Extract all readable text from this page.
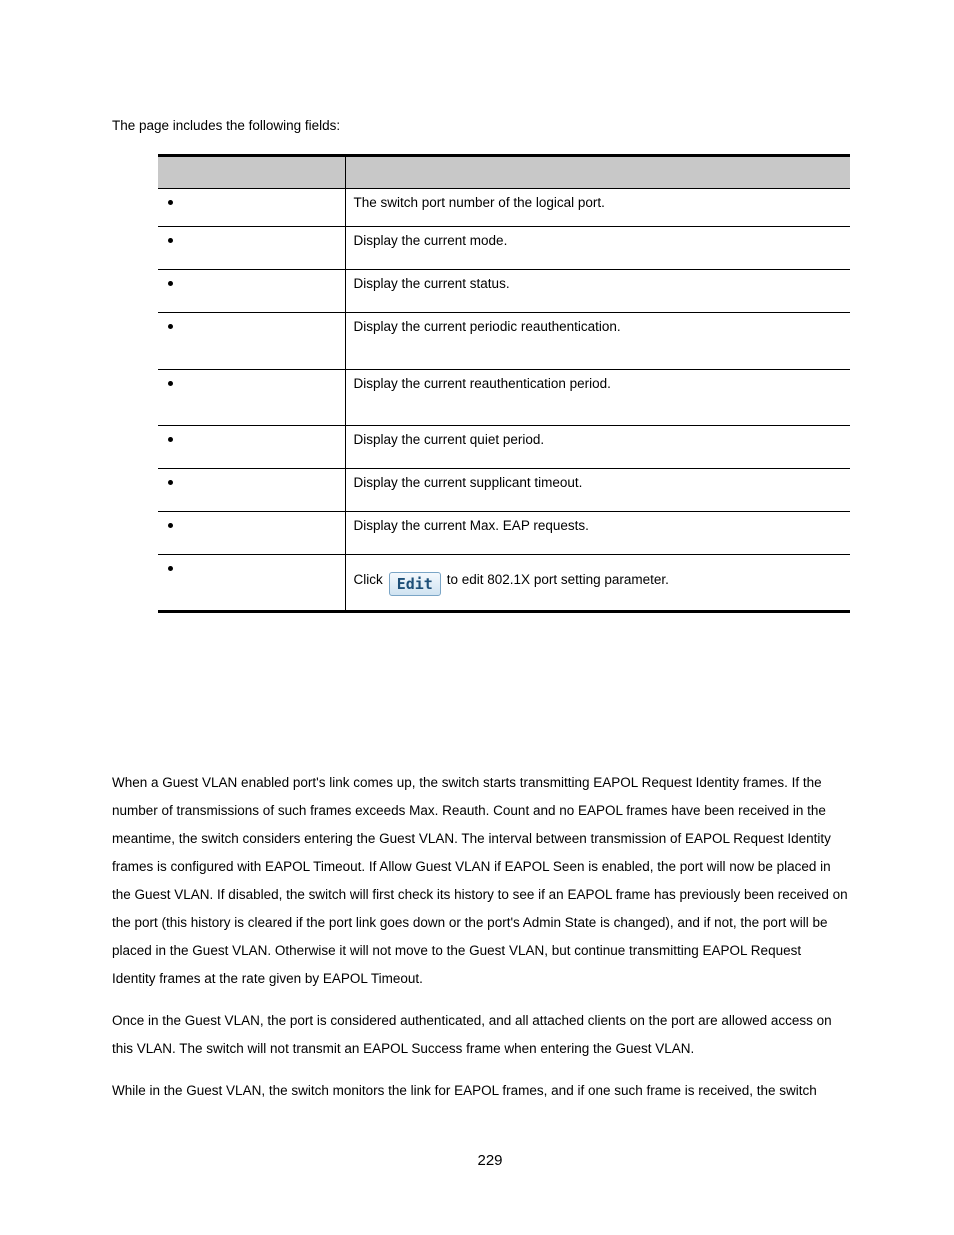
The page includes the following fields:

	The switch port number of the logical port.

	Display the current mode.

	Display the current status.

	Display the current periodic reauthentication.

	Display the current reauthentication period.

	Display the current quiet period.

	Display the current supplicant timeout.

	Display the current Max. EAP requests.

	Click Edit to edit 802.1X port setting parameter.

When a Guest VLAN enabled port's link comes up, the switch starts transmitting EAPOL Request Identity frames. If the number of transmissions of such frames exceeds Max. Reauth. Count and no EAPOL frames have been received in the meantime, the switch considers entering the Guest VLAN. The interval between transmission of EAPOL Request Identity frames is configured with EAPOL Timeout. If Allow Guest VLAN if EAPOL Seen is enabled, the port will now be placed in the Guest VLAN. If disabled, the switch will first check its history to see if an EAPOL frame has previously been received on the port (this history is cleared if the port link goes down or the port's Admin State is changed), and if not, the port will be placed in the Guest VLAN. Otherwise it will not move to the Guest VLAN, but continue transmitting EAPOL Request Identity frames at the rate given by EAPOL Timeout.

Once in the Guest VLAN, the port is considered authenticated, and all attached clients on the port are allowed access on this VLAN. The switch will not transmit an EAPOL Success frame when entering the Guest VLAN.

While in the Guest VLAN, the switch monitors the link for EAPOL frames, and if one such frame is received, the switch

229
